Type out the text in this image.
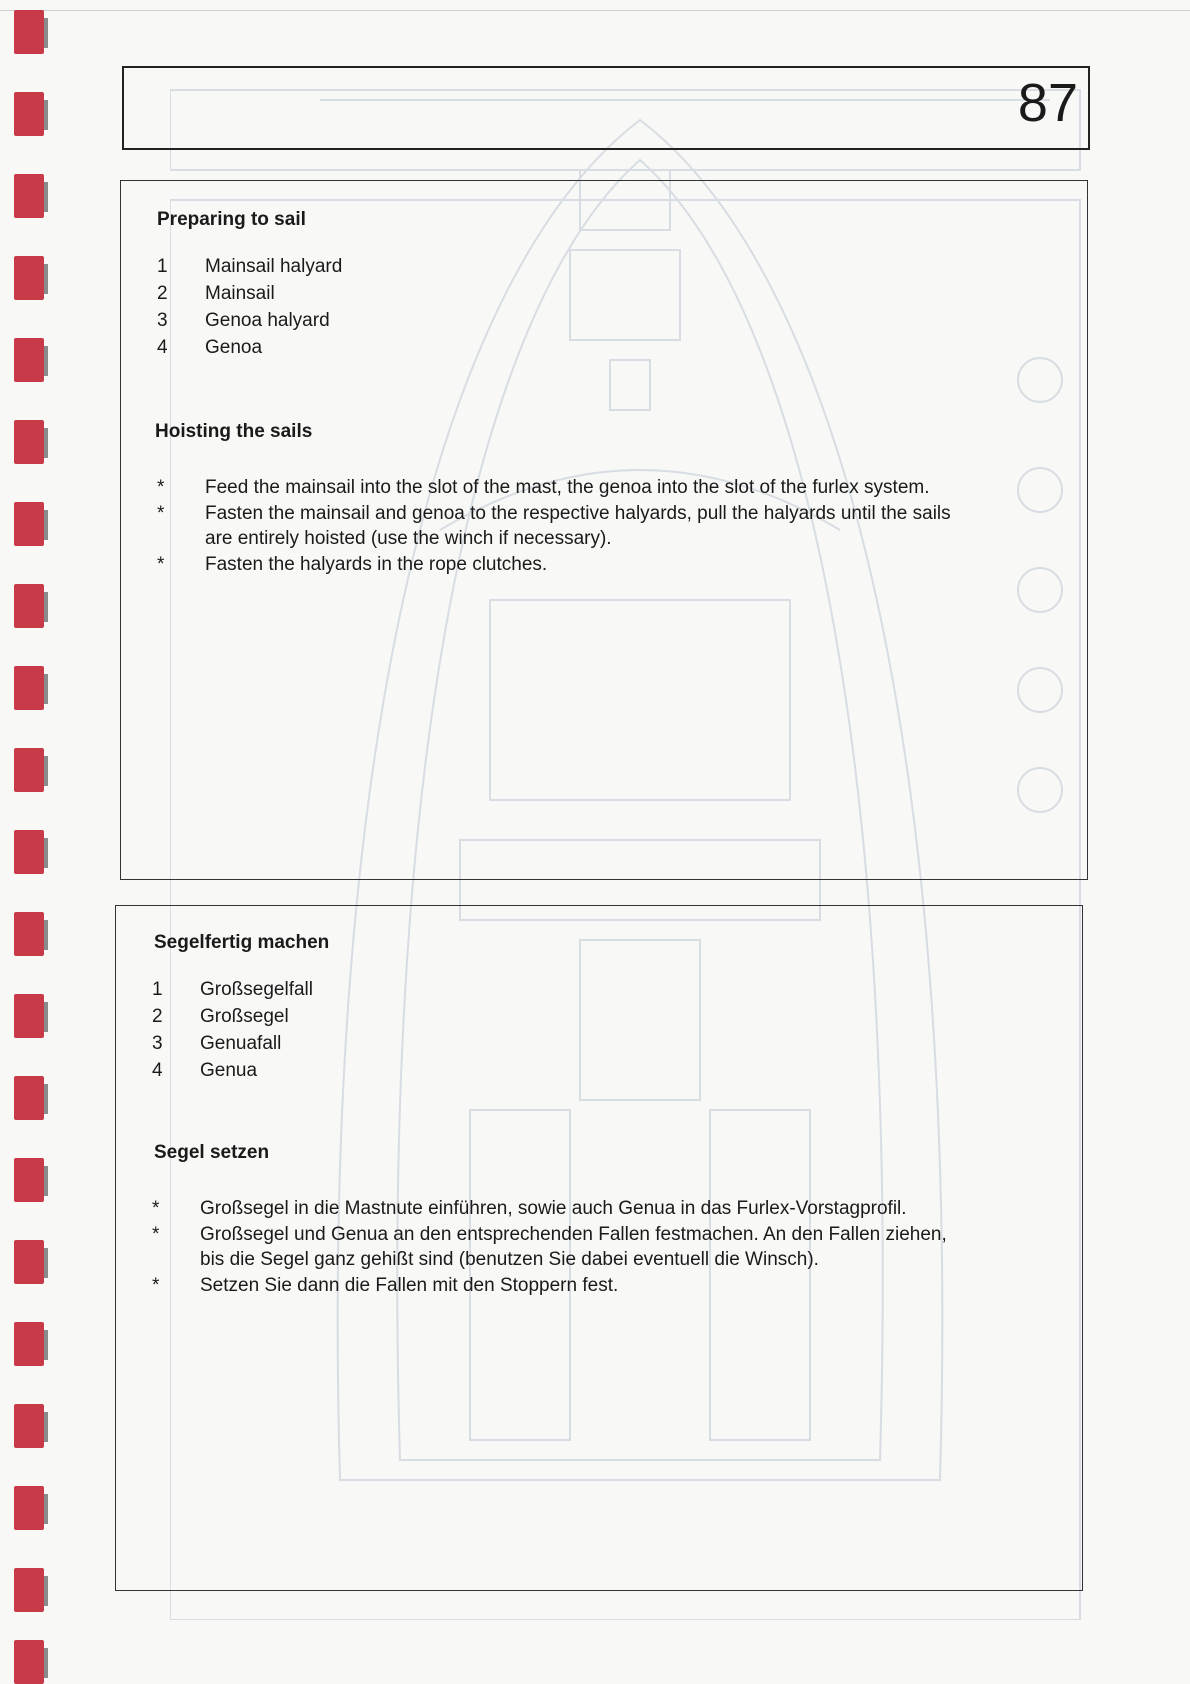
87
Preparing to sail
1	Mainsail halyard
2	Mainsail
3	Genoa halyard
4	Genoa
Hoisting the sails
*	Feed the mainsail into the slot of the mast, the genoa into the slot of the furlex system.
*	Fasten the mainsail and genoa to the respective halyards, pull the halyards until the sails are entirely hoisted (use the winch if necessary).
*	Fasten the halyards in the rope clutches.
Segelfertig machen
1	Großsegelfall
2	Großsegel
3	Genuafall
4	Genua
Segel setzen
*	Großsegel in die Mastnute einführen, sowie auch Genua in das Furlex-Vorstagprofil.
*	Großsegel und Genua an den entsprechenden Fallen festmachen. An den Fallen ziehen, bis die Segel ganz gehißt sind (benutzen Sie dabei eventuell die Winsch).
*	Setzen Sie dann die Fallen mit den Stoppern fest.
